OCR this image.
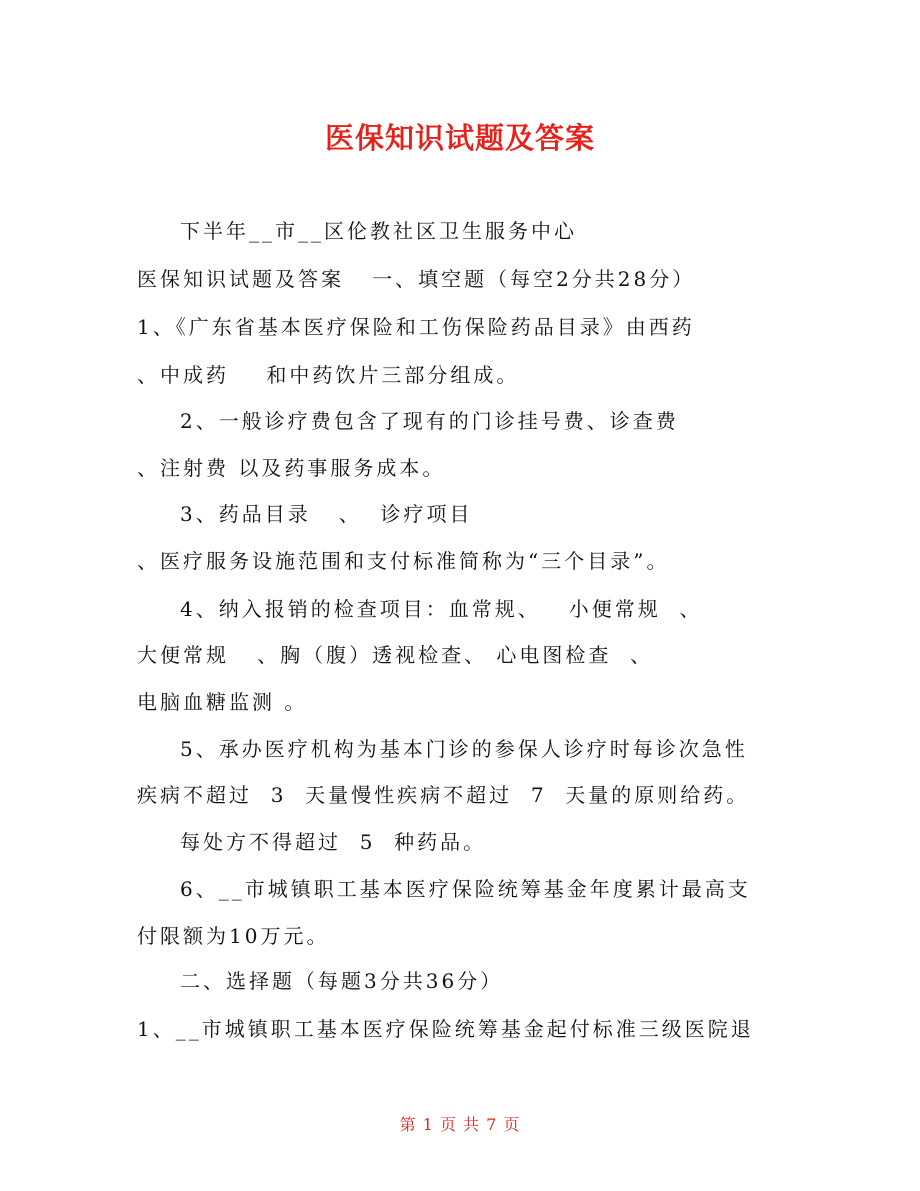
医保知识试题及答案

下半年__市__区伦教社区卫生服务中心

医保知识试题及答案   一、填空题（每空2分共28分）

1、《广东省基本医疗保险和工伤保险药品目录》由西药

、中成药    和中药饮片三部分组成。

2、一般诊疗费包含了现有的门诊挂号费、诊查费

、注射费 以及药事服务成本。

3、药品目录   、  诊疗项目

、医疗服务设施范围和支付标准简称为“三个目录”。

4、纳入报销的检查项目：血常规、   小便常规  、

大便常规   、胸（腹）透视检查、 心电图检查  、

电脑血糖监测 。

5、承办医疗机构为基本门诊的参保人诊疗时每诊次急性

疾病不超过  3  天量慢性疾病不超过  7  天量的原则给药。

每处方不得超过  5  种药品。

6、__市城镇职工基本医疗保险统筹基金年度累计最高支

付限额为10万元。

二、选择题（每题3分共36分）

1、__市城镇职工基本医疗保险统筹基金起付标准三级医院退

第 1 页 共 7 页
